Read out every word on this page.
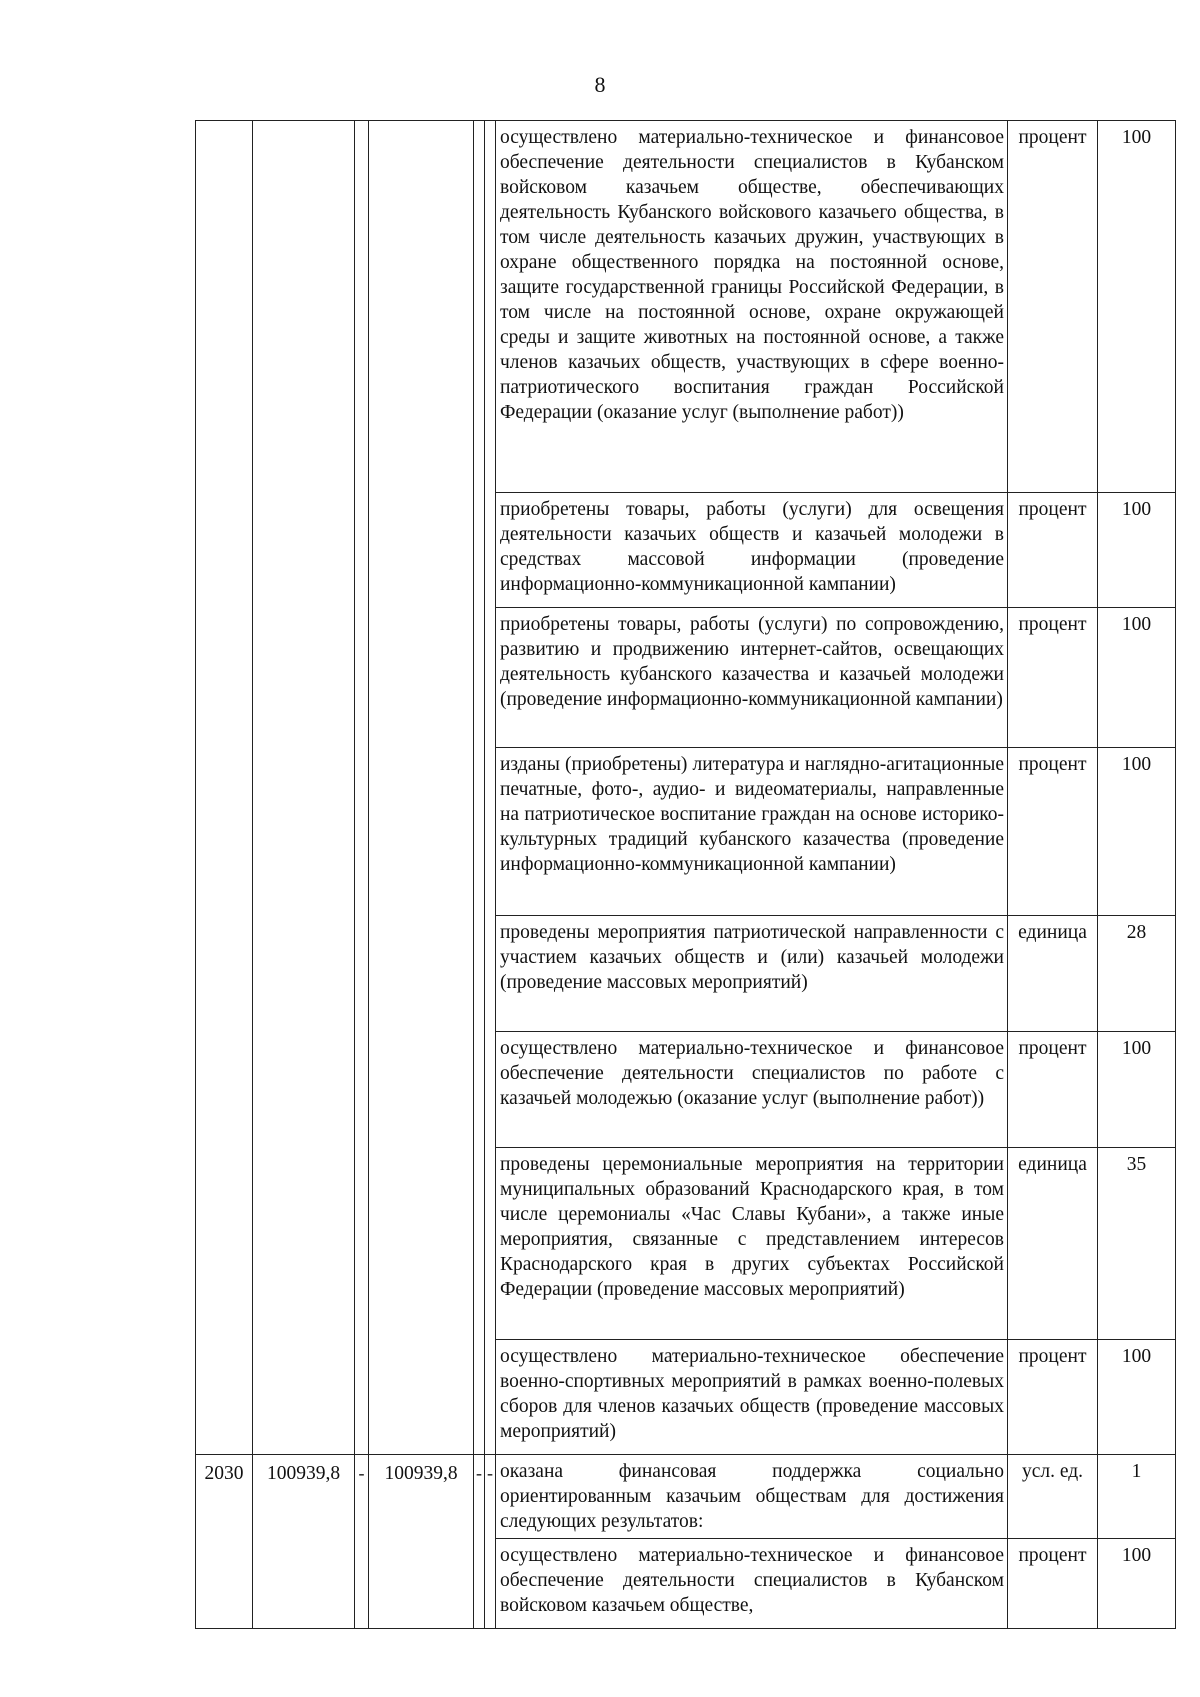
8
						осуществлено материально-техническое и финансовое обеспечение деятельности специалистов в Кубанском войсковом казачьем обществе, обеспечивающих деятельность Кубанского войскового казачьего общества, в том числе деятельность казачьих дружин, участвующих в охране общественного порядка на постоянной основе, защите государственной границы Российской Федерации, в том числе на постоянной основе, охране окружающей среды и защите животных на постоянной основе, а также членов казачьих обществ, участвующих в сфере военно-патриотического воспитания граждан Российской Федерации (оказание услуг (выполнение работ))	процент	100
						приобретены товары, работы (услуги) для освещения деятельности казачьих обществ и казачьей молодежи в средствах массовой информации (проведение информационно-коммуникационной кампании)	процент	100
						приобретены товары, работы (услуги) по сопровождению, развитию и продвижению интернет-сайтов, освещающих деятельность кубанского казачества и казачьей молодежи (проведение информационно-коммуникационной кампании)	процент	100
						изданы (приобретены) литература и наглядно-агитационные печатные, фото-, аудио- и видеоматериалы, направленные на патриотическое воспитание граждан на основе историко-культурных традиций кубанского казачества (проведение информационно-коммуникационной кампании)	процент	100
						проведены мероприятия патриотической направленности с участием казачьих обществ и (или) казачьей молодежи (проведение массовых мероприятий)	единица	28
						осуществлено материально-техническое и финансовое обеспечение деятельности специалистов по работе с казачьей молодежью (оказание услуг (выполнение работ))	процент	100
						проведены церемониальные мероприятия на территории муниципальных образований Краснодарского края, в том числе церемониалы «Час Славы Кубани», а также иные мероприятия, связанные с представлением интересов Краснодарского края в других субъектах Российской Федерации (проведение массовых мероприятий)	единица	35
						осуществлено материально-техническое обеспечение военно-спортивных мероприятий в рамках военно-полевых сборов для членов казачьих обществ (проведение массовых мероприятий)	процент	100
2030	100939,8	-	100939,8	-	-	оказана финансовая поддержка социально ориентированным казачьим обществам для достижения следующих результатов:	усл. ед.	1
						осуществлено материально-техническое и финансовое обеспечение деятельности специалистов в Кубанском войсковом казачьем обществе,	процент	100
